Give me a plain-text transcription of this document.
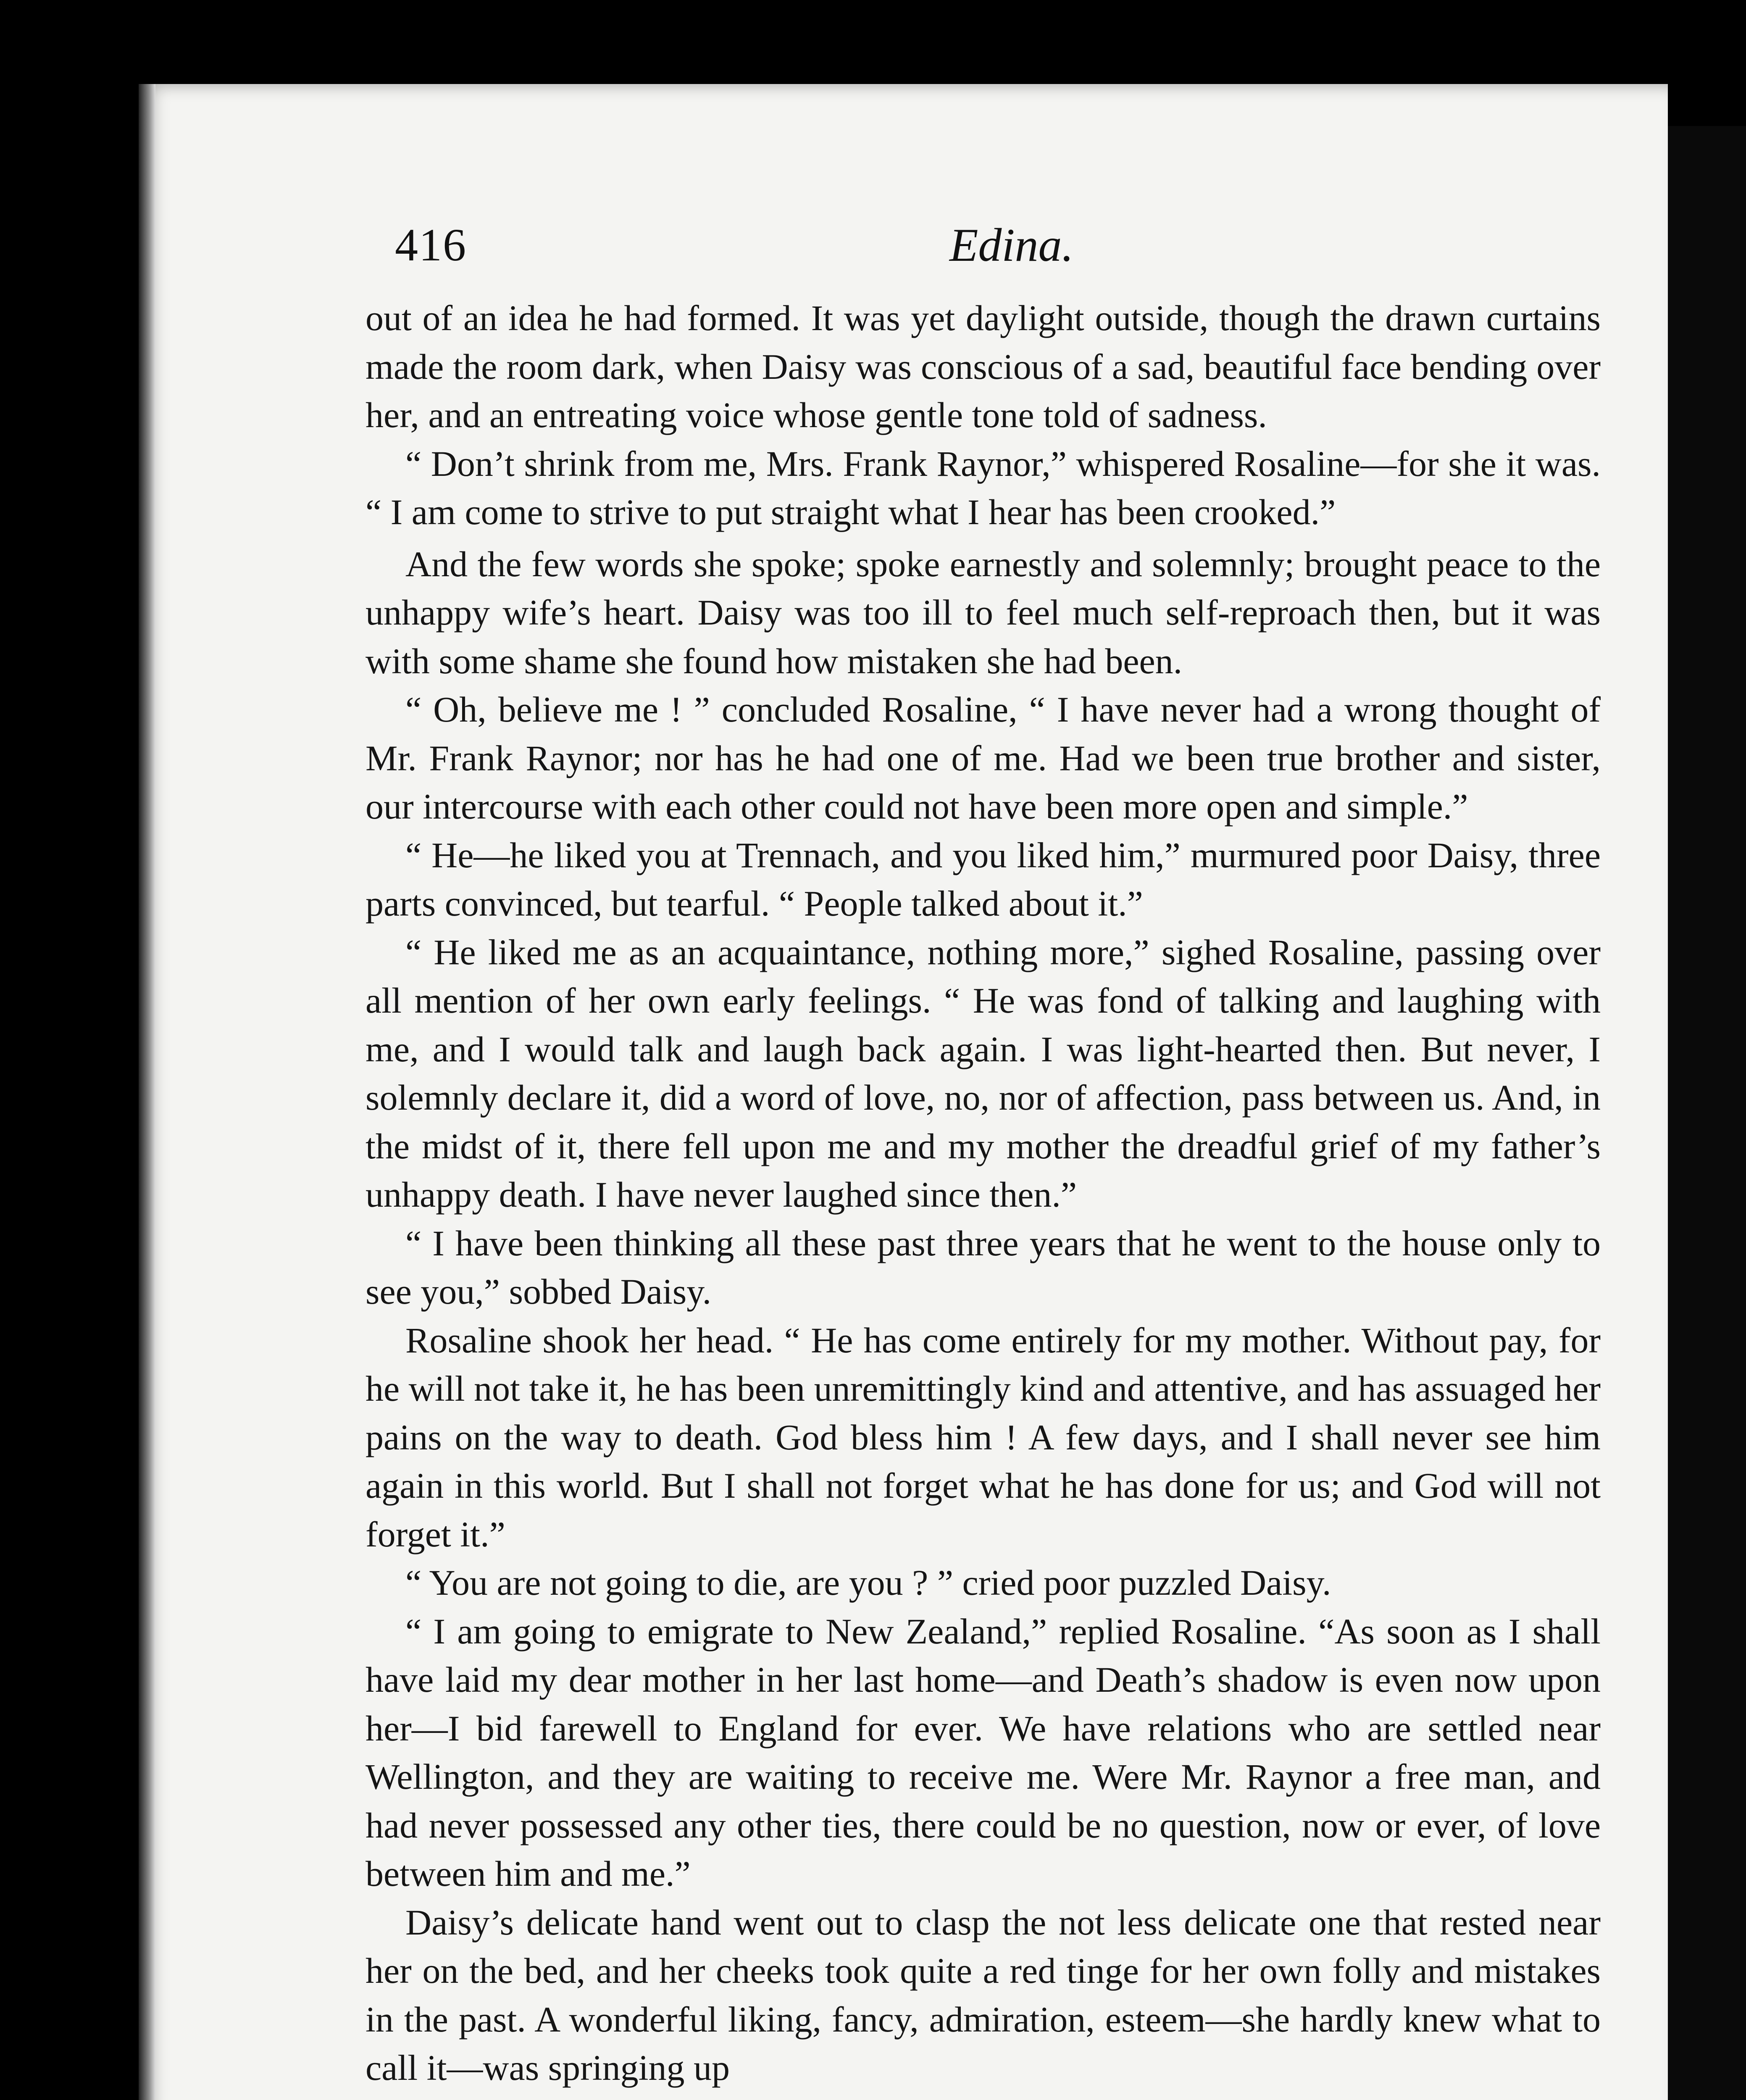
416	Edina.

out of an idea he had formed. It was yet daylight outside, though the drawn curtains made the room dark, when Daisy was conscious of a sad, beautiful face bending over her, and an entreating voice whose gentle tone told of sadness.

“ Don’t shrink from me, Mrs. Frank Raynor,” whispered Rosaline—for she it was. “ I am come to strive to put straight what I hear has been crooked.”

And the few words she spoke; spoke earnestly and solemnly; brought peace to the unhappy wife’s heart. Daisy was too ill to feel much self-reproach then, but it was with some shame she found how mistaken she had been.

“ Oh, believe me ! ” concluded Rosaline, “ I have never had a wrong thought of Mr. Frank Raynor; nor has he had one of me. Had we been true brother and sister, our intercourse with each other could not have been more open and simple.”

“ He—he liked you at Trennach, and you liked him,” murmured poor Daisy, three parts convinced, but tearful. “ People talked about it.”

“ He liked me as an acquaintance, nothing more,” sighed Rosaline, passing over all mention of her own early feelings. “ He was fond of talking and laughing with me, and I would talk and laugh back again. I was light-hearted then. But never, I solemnly declare it, did a word of love, no, nor of affection, pass between us. And, in the midst of it, there fell upon me and my mother the dreadful grief of my father’s unhappy death. I have never laughed since then.”

“ I have been thinking all these past three years that he went to the house only to see you,” sobbed Daisy.

Rosaline shook her head. “ He has come entirely for my mother. Without pay, for he will not take it, he has been unremittingly kind and attentive, and has assuaged her pains on the way to death. God bless him ! A few days, and I shall never see him again in this world. But I shall not forget what he has done for us; and God will not forget it.”

“ You are not going to die, are you ? ” cried poor puzzled Daisy.

“ I am going to emigrate to New Zealand,” replied Rosaline. “As soon as I shall have laid my dear mother in her last home—and Death’s shadow is even now upon her—I bid farewell to England for ever. We have relations who are settled near Wellington, and they are waiting to receive me. Were Mr. Raynor a free man, and had never possessed any other ties, there could be no question, now or ever, of love between him and me.”

Daisy’s delicate hand went out to clasp the not less delicate one that rested near her on the bed, and her cheeks took quite a red tinge for her own folly and mistakes in the past. A wonderful liking, fancy, admiration, esteem—she hardly knew what to call it—was springing up
